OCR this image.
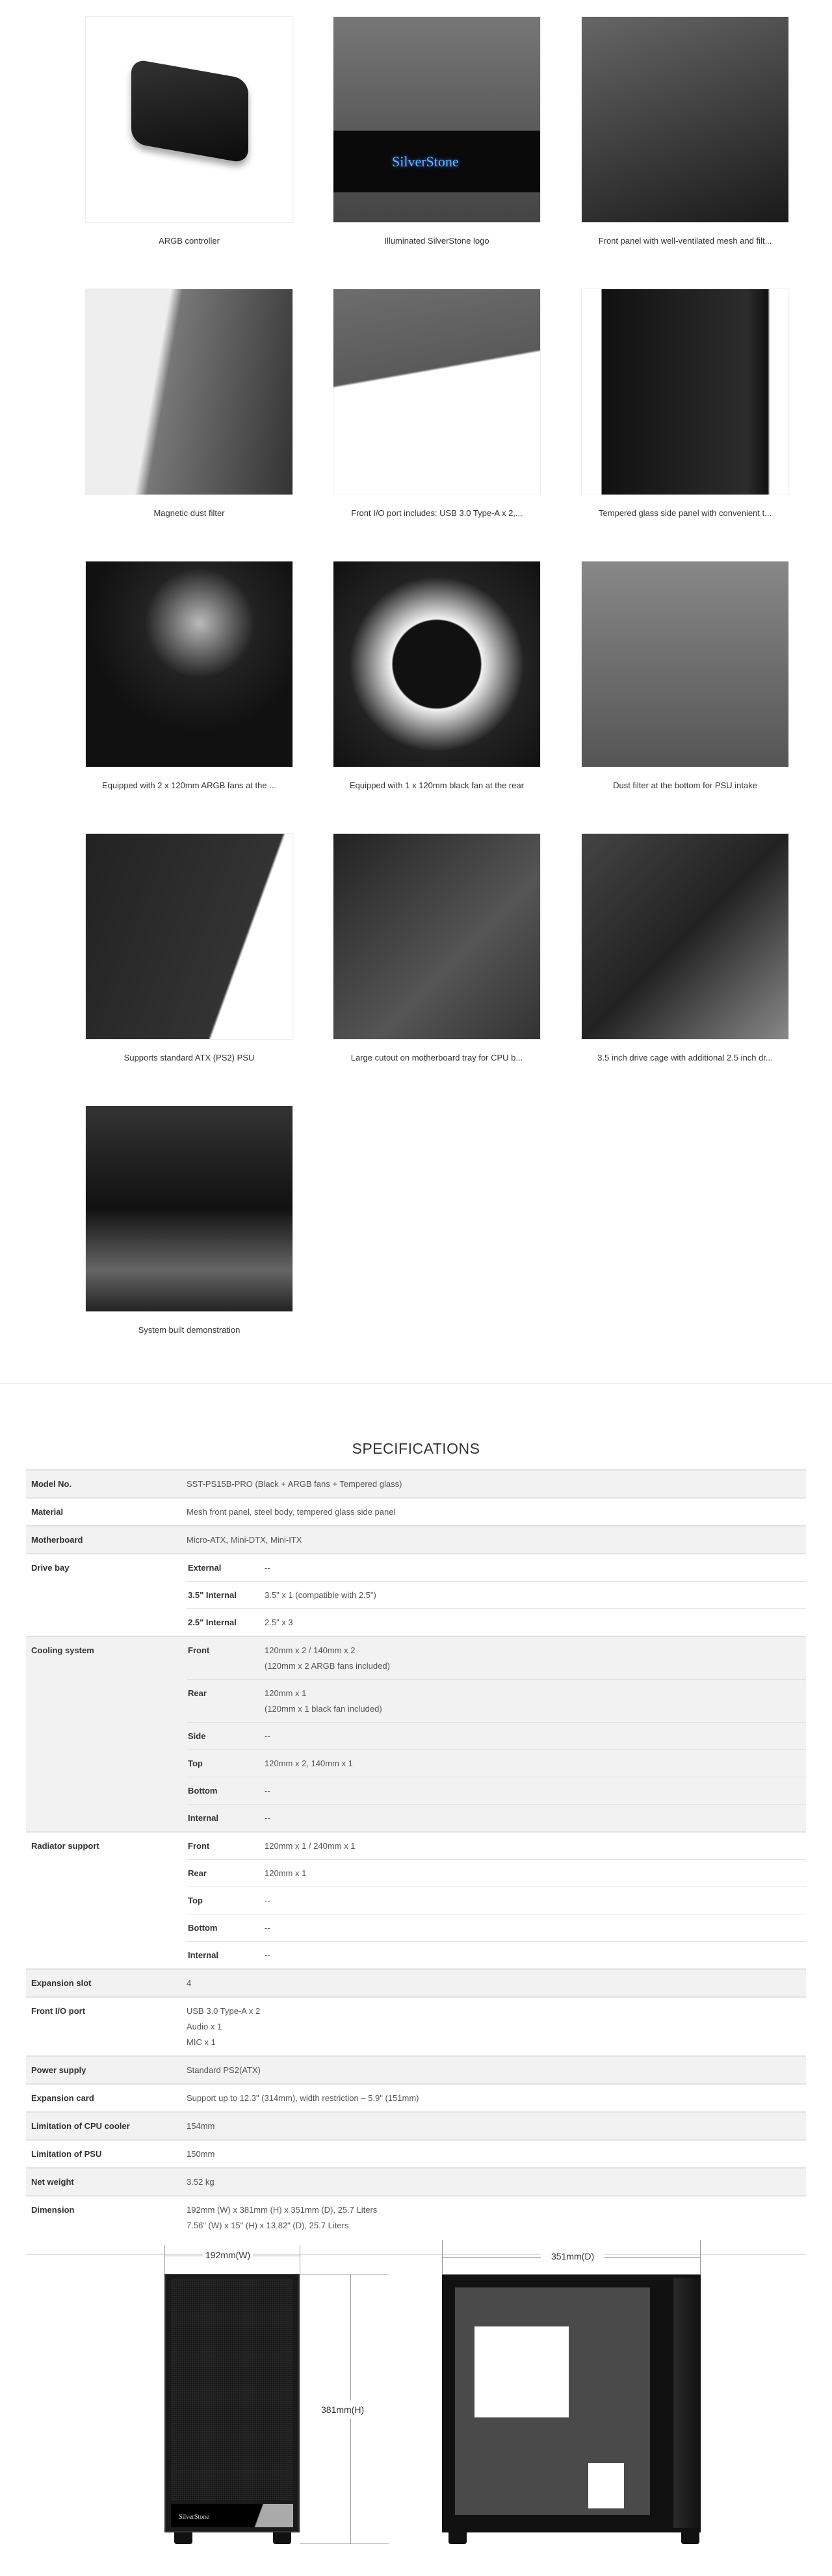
ARGB controller
SilverStone
Illuminated SilverStone logo	Front panel with well-ventilated mesh and filt...
Magnetic dust filter	Front I/O port includes: USB 3.0 Type-A x 2,...	Tempered glass side panel with convenient t...
Equipped with 2 x 120mm ARGB fans at the ...	Equipped with 1 x 120mm black fan at the rear	Dust filter at the bottom for PSU intake
Supports standard ATX (PS2) PSU	Large cutout on motherboard tray for CPU b...	3.5 inch drive cage with additional 2.5 inch dr...
System built demonstration
SPECIFICATIONS
Model No.	SST-PS15B-PRO (Black + ARGB fans + Tempered glass)
Material	Mesh front panel, steel body, tempered glass side panel
Motherboard	Micro-ATX, Mini-DTX, Mini-ITX
Drive bay	External	--
3.5" Internal	3.5" x 1 (compatible with 2.5")
2.5" Internal	2.5" x 3
Cooling system	Front	120mm x 2 / 140mm x 2
(120mm x 2 ARGB fans included)
Rear	120mm x 1
(120mm x 1 black fan included)
Side	--
Top	120mm x 2, 140mm x 1
Bottom	--
Internal	--
Radiator support	Front	120mm x 1 / 240mm x 1
Rear	120mm x 1
Top	--
Bottom	--
Internal	--
Expansion slot	4
Front I/O port	USB 3.0 Type-A x 2
Audio x 1
MIC x 1
Power supply	Standard PS2(ATX)
Expansion card	Support up to 12.3" (314mm), width restriction – 5.9" (151mm)
Limitation of CPU cooler	154mm
Limitation of PSU	150mm
Net weight	3.52 kg
Dimension	192mm (W) x 381mm (H) x 351mm (D), 25.7 Liters
7.56" (W) x 15" (H) x 13.82" (D), 25.7 Liters
192mm(W)
381mm(H)
SilverStone
351mm(D)
